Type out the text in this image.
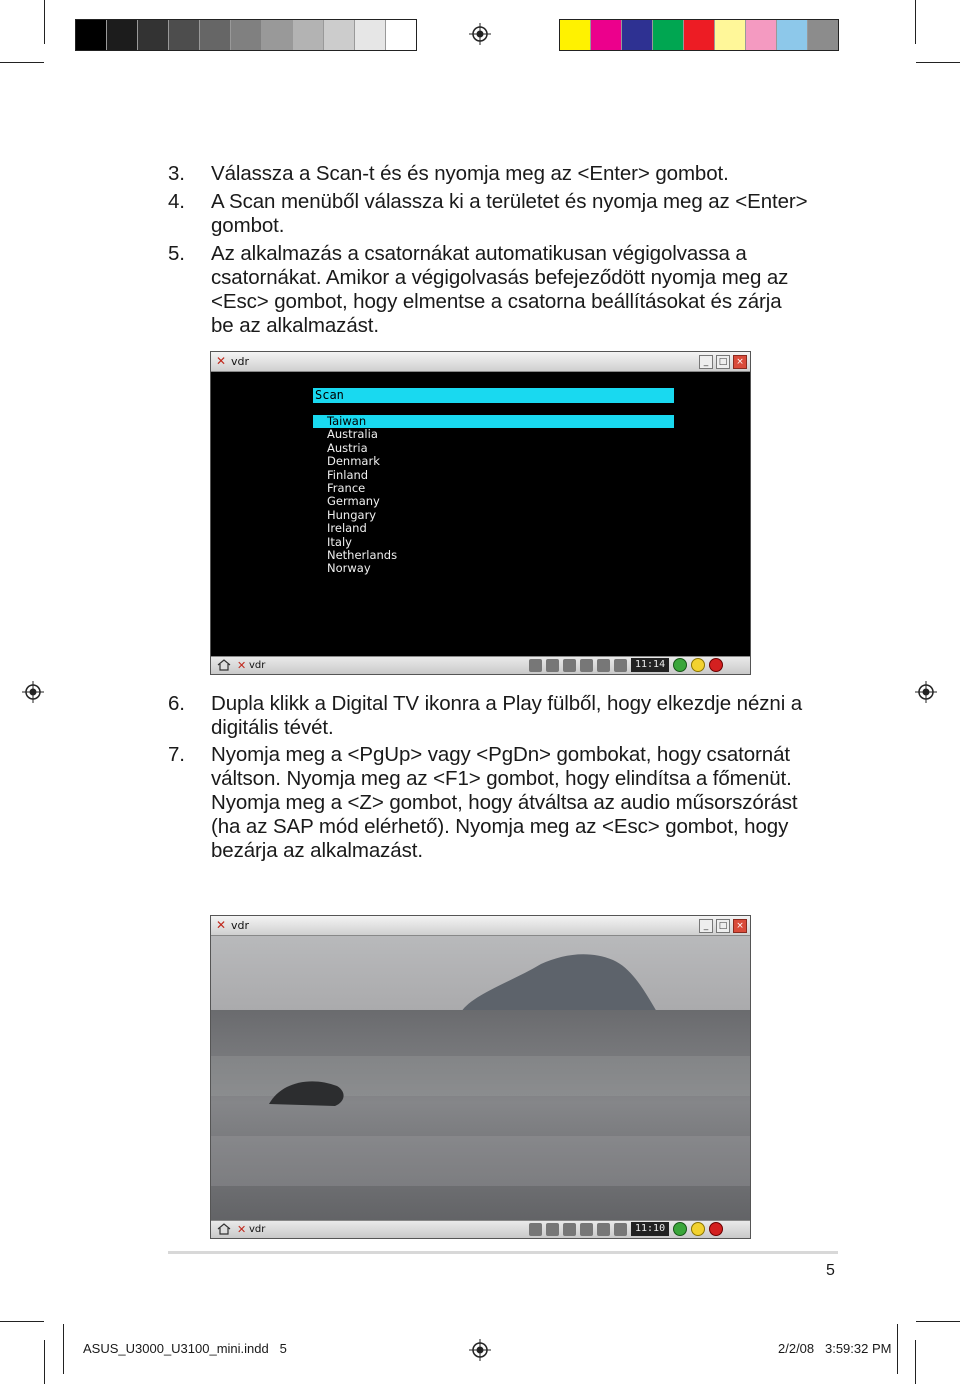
3.	Válassza a Scan-t és és nyomja meg az <Enter> gombot.
4.	A Scan menüből válassza ki a területet és nyomja meg az <Enter> gombot.
5.	Az alkalmazás a csatornákat automatikusan végigolvassa a csatornákat. Amikor a végigolvasás befejeződött nyomja meg az <Esc> gombot, hogy elmentse a csatorna beállításokat és zárja be az alkalmazást.
✕ vdr	_	□ ×
Scan
Taiwan
Australia
Austria
Denmark
Finland
France
Germany
Hungary
Ireland
Italy
Netherlands
Norway
✕ vdr	11:14
6.	Dupla klikk a Digital TV ikonra a Play fülből, hogy elkezdje nézni a digitális tévét.
7.	Nyomja meg a <PgUp> vagy <PgDn> gombokat, hogy csatornát váltson. Nyomja meg az <F1> gombot, hogy elindítsa a főmenüt. Nyomja meg a <Z> gombot, hogy átváltsa az audio műsorszórást (ha az SAP mód elérhető). Nyomja meg az <Esc> gombot, hogy bezárja az alkalmazást.
✕ vdr	_	□ ×
✕ vdr	11:10
5
ASUS_U3000_U3100_mini.indd   5	2/2/08   3:59:32 PM
